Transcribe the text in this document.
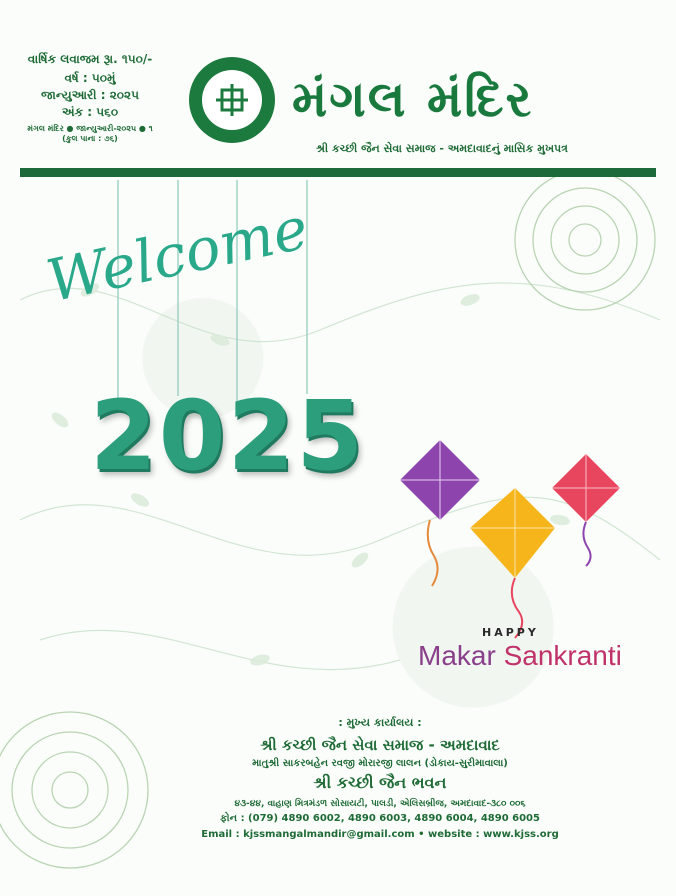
વાર્ષિક લવાજમ રૂા. ૧૫૦/-
વર્ષ : ૫૦મું
જાન્યુઆરી : ૨૦૨૫
અંક : ૫૬૦
મંગલ મંદિર ● જાન્યુઆરી-૨૦૨૫ ● ૧
(કુલ પાના : ૭૬)
મંગલ મંદિર
શ્રી કચ્છી જૈન સેવા સમાજ - અમદાવાદનું માસિક મુખપત્ર
Welcome
2025
HAPPY
Makar Sankranti
: મુખ્ય કાર્યાલય :
શ્રી કચ્છી જૈન સેવા સમાજ - અમદાવાદ
માતુશ્રી સાકરબહેન રવજી મોરારજી લાલન (ડોકાય-સુરીમાવાલા)
શ્રી કચ્છી જૈન ભવન
૪૩-૪૪, વાહાણ મિત્રમંડળ સોસાયટી, પાલડી, એલિસબ્રીજ, અમદાવાદ-૩૮૦ ૦૦૬
ફોન : (079) 4890 6002, 4890 6003, 4890 6004, 4890 6005
Email : kjssmangalmandir@gmail.com • website : www.kjss.org
